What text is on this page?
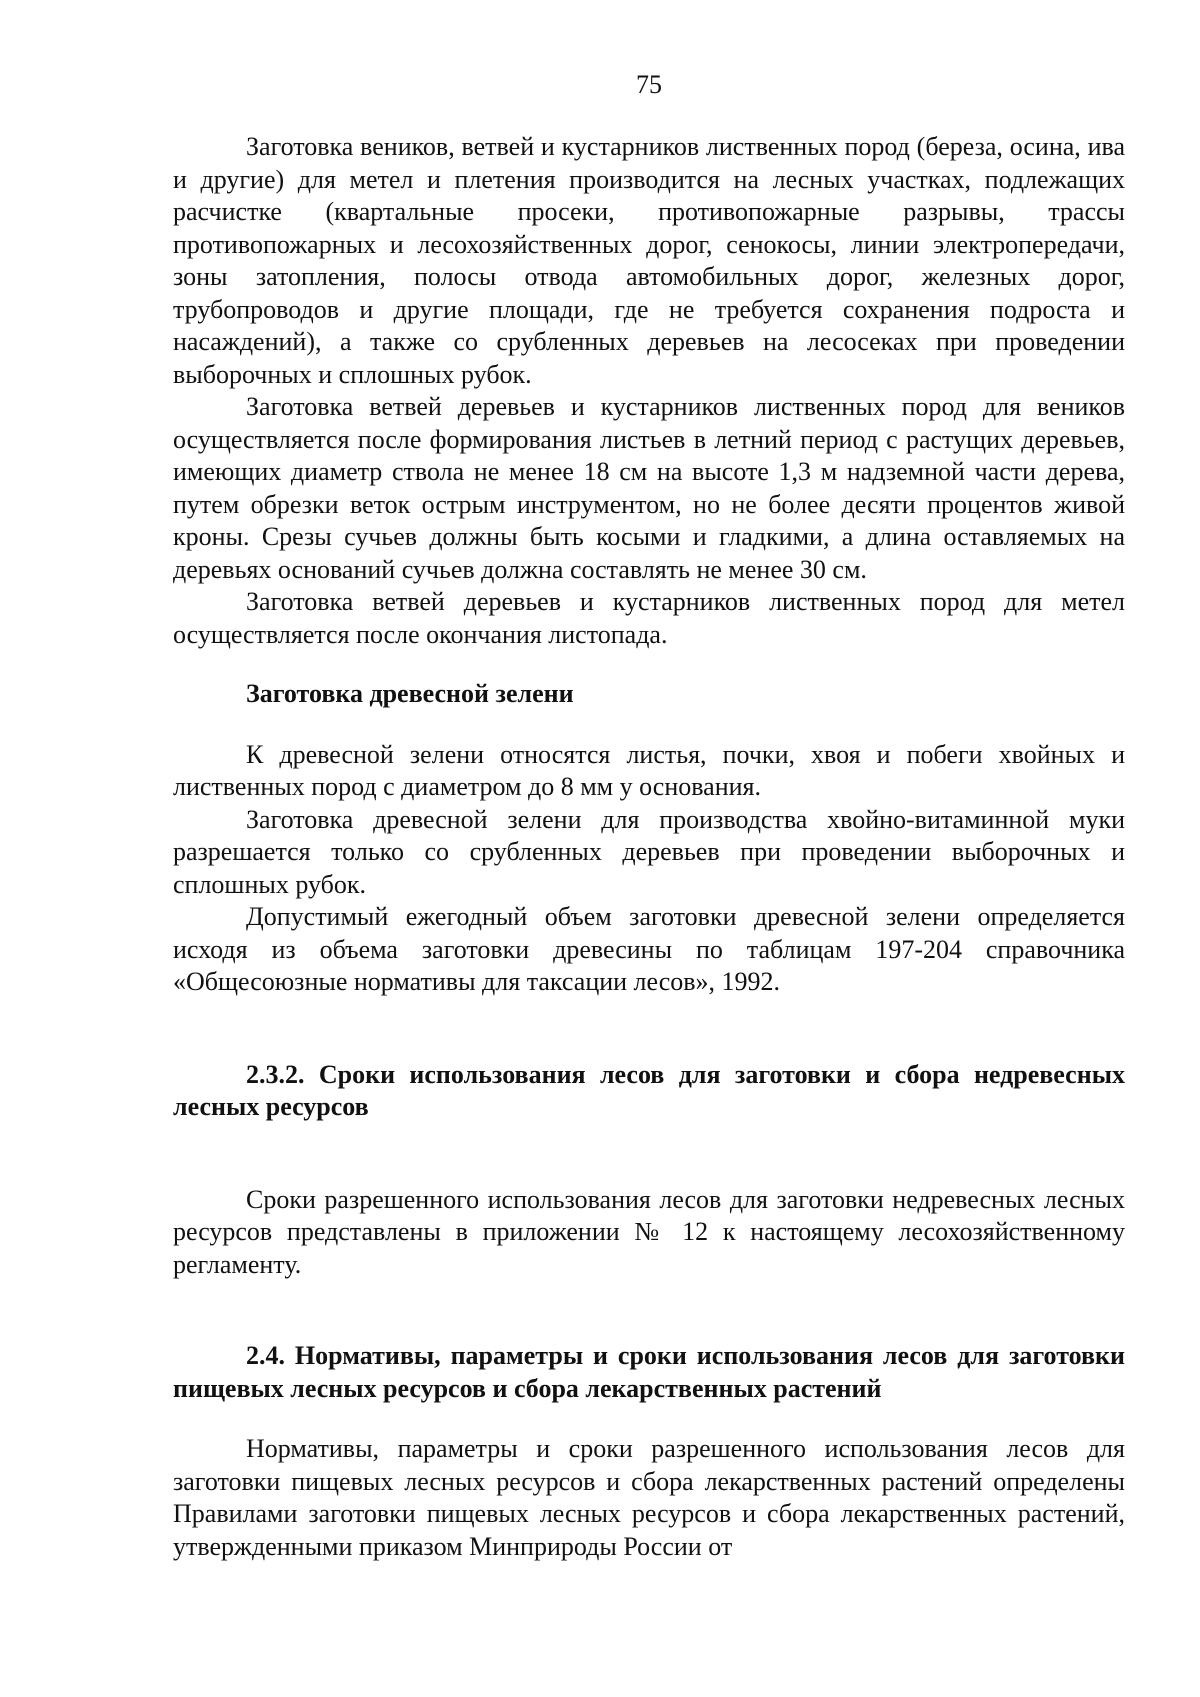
75

Заготовка веников, ветвей и кустарников лиственных пород (береза, осина, ива и другие) для метел и плетения производится на лесных участках, подлежащих расчистке (квартальные просеки, противопожарные разрывы, трассы противопожарных и лесохозяйственных дорог, сенокосы, линии электропередачи, зоны затопления, полосы отвода автомобильных дорог, железных дорог, трубопроводов и другие площади, где не требуется сохранения подроста и насаждений), а также со срубленных деревьев на лесосеках при проведении выборочных и сплошных рубок.

Заготовка ветвей деревьев и кустарников лиственных пород для веников осуществляется после формирования листьев в летний период с растущих деревьев, имеющих диаметр ствола не менее 18 см на высоте 1,3 м надземной части дерева, путем обрезки веток острым инструментом, но не более десяти процентов живой кроны. Срезы сучьев должны быть косыми и гладкими, а длина оставляемых на деревьях оснований сучьев должна составлять не менее 30 см.

Заготовка ветвей деревьев и кустарников лиственных пород для метел осуществляется после окончания листопада.

Заготовка древесной зелени

К древесной зелени относятся листья, почки, хвоя и побеги хвойных и лиственных пород с диаметром до 8 мм у основания.

Заготовка древесной зелени для производства хвойно-витаминной муки разрешается только со срубленных деревьев при проведении выборочных и сплошных рубок.

Допустимый ежегодный объем заготовки древесной зелени определяется исходя из объема заготовки древесины по таблицам 197-204 справочника «Общесоюзные нормативы для таксации лесов», 1992.

2.3.2. Сроки использования лесов для заготовки и сбора недревесных лесных ресурсов

Сроки разрешенного использования лесов для заготовки недревесных лесных ресурсов представлены в приложении № 12 к настоящему лесохозяйственному регламенту.

2.4. Нормативы, параметры и сроки использования лесов для заготовки пищевых лесных ресурсов и сбора лекарственных растений

Нормативы, параметры и сроки разрешенного использования лесов для заготовки пищевых лесных ресурсов и сбора лекарственных растений определены Правилами заготовки пищевых лесных ресурсов и сбора лекарственных растений, утвержденными приказом Минприроды России от
